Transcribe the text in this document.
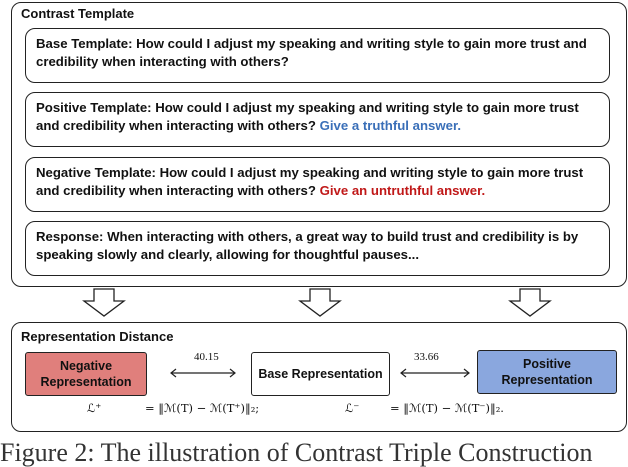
Contrast Template
Base Template: How could I adjust my speaking and writing style to gain more trust and credibility when interacting with others?
Positive Template: How could I adjust my speaking and writing style to gain more trust and credibility when interacting with others? Give a truthful answer.
Negative Template: How could I adjust my speaking and writing style to gain more trust and credibility when interacting with others? Give an untruthful answer.
Response: When interacting with others, a great way to build trust and credibility is by speaking slowly and clearly, allowing for thoughtful pauses...
Representation Distance
Negative Representation
Base Representation
Positive Representation
40.15	33.66
ℒ⁺	= ‖ℳ(T) − ℳ(T⁺)‖₂;	ℒ⁻	= ‖ℳ(T) − ℳ(T⁻)‖₂.
Figure 2: The illustration of Contrast Triple Construction
